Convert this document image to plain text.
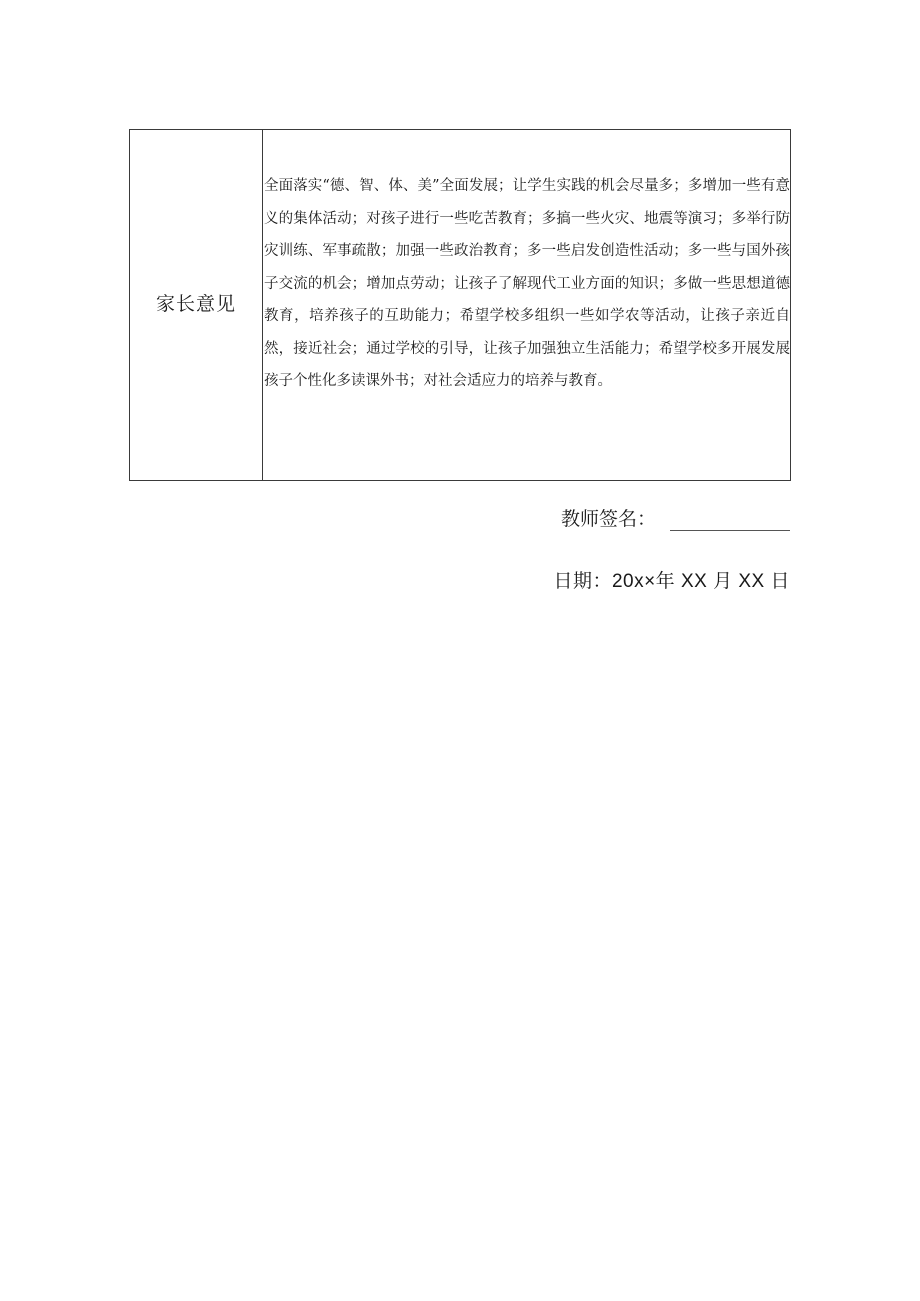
家长意见

全面落实“德、智、体、美”全面发展；让学生实践的机会尽量多；多增加一些有意义的集体活动；对孩子进行一些吃苦教育；多搞一些火灾、地震等演习；多举行防灾训练、军事疏散；加强一些政治教育；多一些启发创造性活动；多一些与国外孩子交流的机会；增加点劳动；让孩子了解现代工业方面的知识；多做一些思想道德教育，培养孩子的互助能力；希望学校多组织一些如学农等活动，让孩子亲近自然，接近社会；通过学校的引导，让孩子加强独立生活能力；希望学校多开展发展孩子个性化多读课外书；对社会适应力的培养与教育。

教师签名：
日期：20x×年 XX 月 XX 日
